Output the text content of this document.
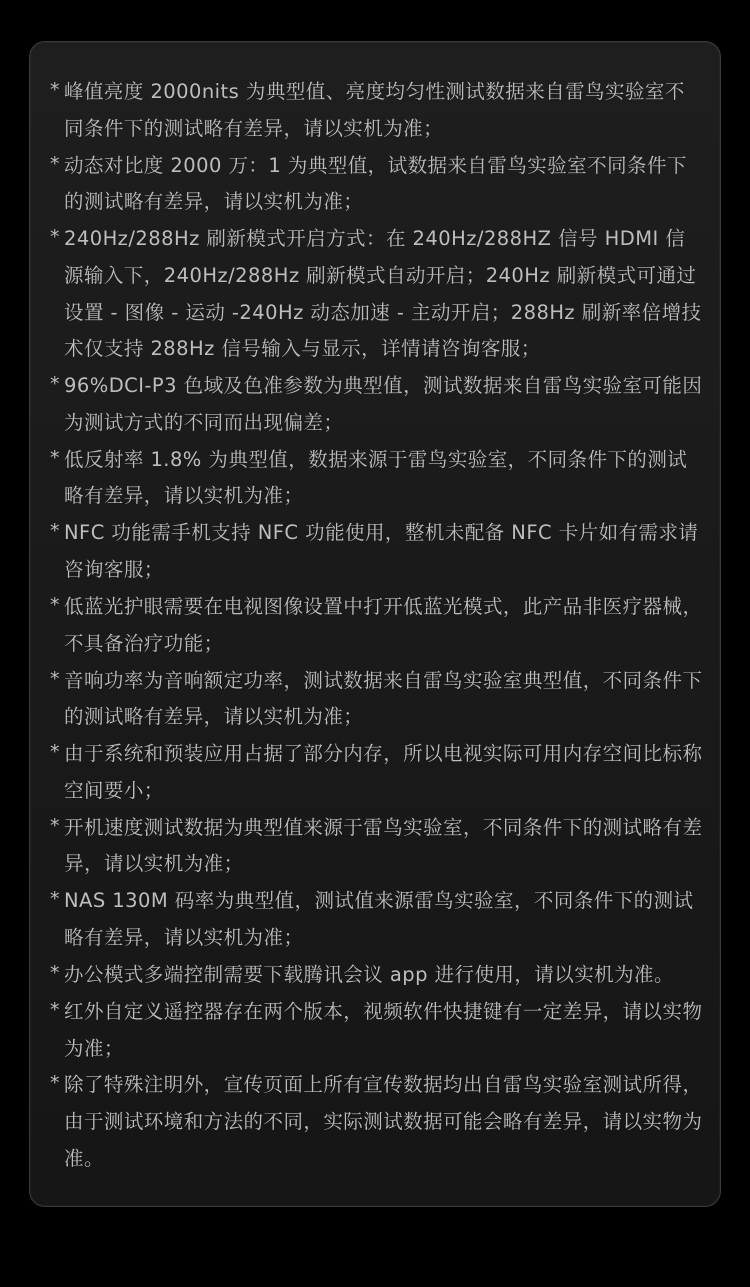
* 峰值亮度 2000nits 为典型值、亮度均匀性测试数据来自雷鸟实验室不同条件下的测试略有差异，请以实机为准；
* 动态对比度 2000 万：1 为典型值，试数据来自雷鸟实验室不同条件下的测试略有差异，请以实机为准；
* 240Hz/288Hz 刷新模式开启方式：在 240Hz/288HZ 信号 HDMI 信源输入下，240Hz/288Hz 刷新模式自动开启；240Hz 刷新模式可通过设置 - 图像 - 运动 -240Hz 动态加速 - 主动开启；288Hz 刷新率倍增技术仅支持 288Hz 信号输入与显示，详情请咨询客服；
* 96%DCI-P3 色域及色准参数为典型值，测试数据来自雷鸟实验室可能因为测试方式的不同而出现偏差；
* 低反射率 1.8% 为典型值，数据来源于雷鸟实验室，不同条件下的测试略有差异，请以实机为准；
* NFC 功能需手机支持 NFC 功能使用，整机未配备 NFC 卡片如有需求请咨询客服；
* 低蓝光护眼需要在电视图像设置中打开低蓝光模式，此产品非医疗器械，不具备治疗功能；
* 音响功率为音响额定功率，测试数据来自雷鸟实验室典型值，不同条件下的测试略有差异，请以实机为准；
* 由于系统和预装应用占据了部分内存，所以电视实际可用内存空间比标称空间要小；
* 开机速度测试数据为典型值来源于雷鸟实验室，不同条件下的测试略有差异，请以实机为准；
* NAS 130M 码率为典型值，测试值来源雷鸟实验室，不同条件下的测试略有差异，请以实机为准；
* 办公模式多端控制需要下载腾讯会议 app 进行使用，请以实机为准。
* 红外自定义遥控器存在两个版本，视频软件快捷键有一定差异，请以实物为准；
* 除了特殊注明外，宣传页面上所有宣传数据均出自雷鸟实验室测试所得，由于测试环境和方法的不同，实际测试数据可能会略有差异，请以实物为准。
